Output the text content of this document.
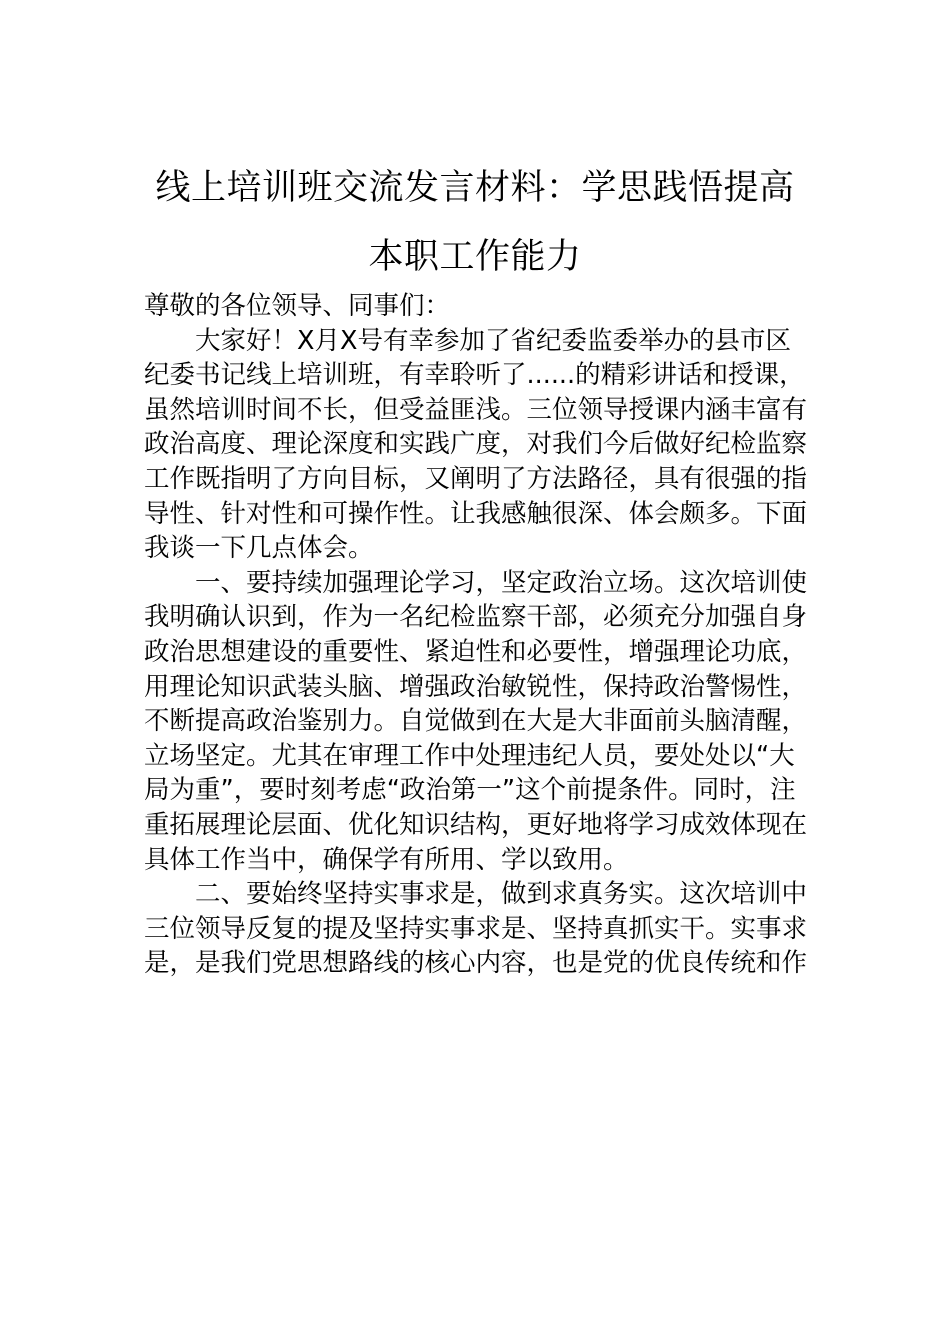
线上培训班交流发言材料：学思践悟提高
本职工作能力

尊敬的各位领导、同事们：

大家好！X月X号有幸参加了省纪委监委举办的县市区纪委书记线上培训班，有幸聆听了......的精彩讲话和授课，虽然培训时间不长，但受益匪浅。三位领导授课内涵丰富有政治高度、理论深度和实践广度，对我们今后做好纪检监察工作既指明了方向目标，又阐明了方法路径，具有很强的指导性、针对性和可操作性。让我感触很深、体会颇多。下面我谈一下几点体会。

一、要持续加强理论学习，坚定政治立场。这次培训使我明确认识到，作为一名纪检监察干部，必须充分加强自身政治思想建设的重要性、紧迫性和必要性，增强理论功底，用理论知识武装头脑、增强政治敏锐性，保持政治警惕性，不断提高政治鉴别力。自觉做到在大是大非面前头脑清醒，立场坚定。尤其在审理工作中处理违纪人员，要处处以“大局为重”，要时刻考虑“政治第一”这个前提条件。同时，注重拓展理论层面、优化知识结构，更好地将学习成效体现在具体工作当中，确保学有所用、学以致用。

二、要始终坚持实事求是，做到求真务实。这次培训中三位领导反复的提及坚持实事求是、坚持真抓实干。实事求是，是我们党思想路线的核心内容，也是党的优良传统和作
